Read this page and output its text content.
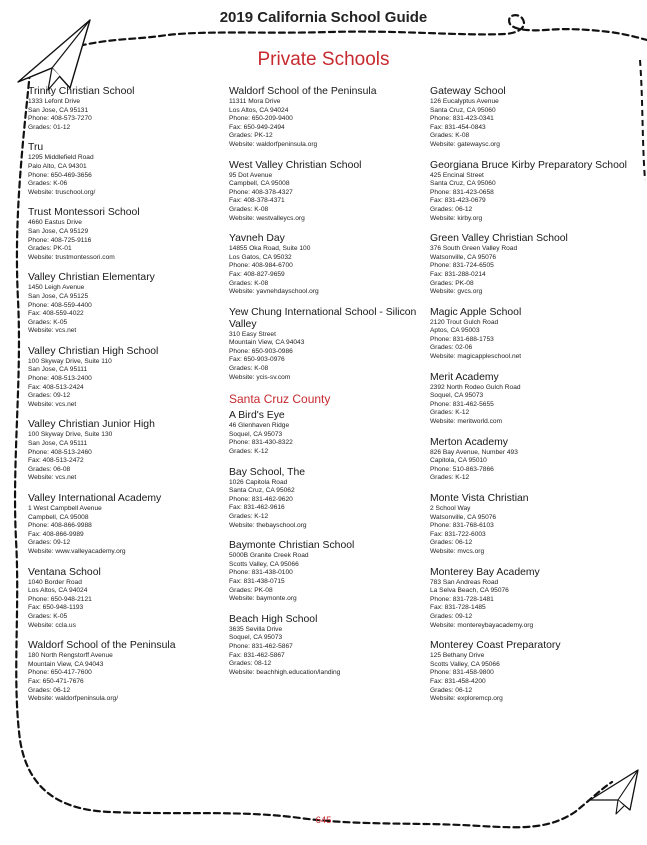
2019 California School Guide
Private Schools
Trinity Christian School
1333 Lefont Drive
San Jose, CA 95131
Phone: 408-573-7270
Grades: 01-12
Tru
1295 Middlefield Road
Palo Alto, CA 94301
Phone: 650-469-3656
Grades: K-06
Website: truschool.org/
Trust Montessori School
4660 Eastus Drive
San Jose, CA 95129
Phone: 408-725-9116
Grades: PK-01
Website: trustmontessori.com
Valley Christian Elementary
1450 Leigh Avenue
San Jose, CA 95125
Phone: 408-559-4400
Fax: 408-559-4022
Grades: K-05
Website: vcs.net
Valley Christian High School
100 Skyway Drive, Suite 110
San Jose, CA 95111
Phone: 408-513-2400
Fax: 408-513-2424
Grades: 09-12
Website: vcs.net
Valley Christian Junior High
100 Skyway Drive, Suite 130
San Jose, CA 95111
Phone: 408-513-2460
Fax: 408-513-2472
Grades: 06-08
Website: vcs.net
Valley International Academy
1 West Campbell Avenue
Campbell, CA 95008
Phone: 408-866-9988
Fax: 408-866-9989
Grades: 09-12
Website: www.valleyacademy.org
Ventana School
1040 Border Road
Los Altos, CA 94024
Phone: 650-948-2121
Fax: 650-948-1193
Grades: K-05
Website: ccla.us
Waldorf School of the Peninsula
180 North Rengstorff Avenue
Mountain View, CA 94043
Phone: 650-417-7600
Fax: 650-471-7676
Grades: 06-12
Website: waldorfpeninsula.org/
Waldorf School of the Peninsula
11311 Mora Drive
Los Altos, CA 94024
Phone: 650-209-9400
Fax: 650-949-2494
Grades: PK-12
Website: waldorfpeninsula.org
West Valley Christian School
95 Dot Avenue
Campbell, CA 95008
Phone: 408-378-4327
Fax: 408-378-4371
Grades: K-08
Website: westvalleycs.org
Yavneh Day
14855 Oka Road, Suite 100
Los Gatos, CA 95032
Phone: 408-984-6700
Fax: 408-827-9659
Grades: K-08
Website: yavnehdayschool.org
Yew Chung International School - Silicon Valley
310 Easy Street
Mountain View, CA 94043
Phone: 650-903-0986
Fax: 650-903-0976
Grades: K-08
Website: ycis-sv.com
Santa Cruz County
A Bird's Eye
46 Glenhaven Ridge
Soquel, CA 95073
Phone: 831-430-8322
Grades: K-12
Bay School, The
1026 Capitola Road
Santa Cruz, CA 95062
Phone: 831-462-9620
Fax: 831-462-9616
Grades: K-12
Website: thebayschool.org
Baymonte Christian School
5000B Granite Creek Road
Scotts Valley, CA 95066
Phone: 831-438-0100
Fax: 831-438-0715
Grades: PK-08
Website: baymonte.org
Beach High School
3635 Sevilla Drive
Soquel, CA 95073
Phone: 831-462-5867
Fax: 831-462-5867
Grades: 08-12
Website: beachhigh.education/landing
Gateway School
126 Eucalyptus Avenue
Santa Cruz, CA 95060
Phone: 831-423-0341
Fax: 831-454-0843
Grades: K-08
Website: gatewaysc.org
Georgiana Bruce Kirby Preparatory School
425 Encinal Street
Santa Cruz, CA 95060
Phone: 831-423-0658
Fax: 831-423-0679
Grades: 06-12
Website: kirby.org
Green Valley Christian School
376 South Green Valley Road
Watsonville, CA 95076
Phone: 831-724-6505
Fax: 831-288-0214
Grades: PK-08
Website: gvcs.org
Magic Apple School
2120 Trout Gulch Road
Aptos, CA 95003
Phone: 831-688-1753
Grades: 02-06
Website: magicappleschool.net
Merit Academy
2392 North Rodeo Gulch Road
Soquel, CA 95073
Phone: 831-462-5655
Grades: K-12
Website: meritworld.com
Merton Academy
826 Bay Avenue, Number 493
Capitola, CA 95010
Phone: 510-863-7866
Grades: K-12
Monte Vista Christian
2 School Way
Watsonville, CA 95076
Phone: 831-768-6103
Fax: 831-722-6003
Grades: 06-12
Website: mvcs.org
Monterey Bay Academy
783 San Andreas Road
La Selva Beach, CA 95076
Phone: 831-728-1481
Fax: 831-728-1485
Grades: 09-12
Website: montereybayacademy.org
Monterey Coast Preparatory
125 Bethany Drive
Scotts Valley, CA 95066
Phone: 831-458-9800
Fax: 831-458-4200
Grades: 06-12
Website: exploremcp.org
645
